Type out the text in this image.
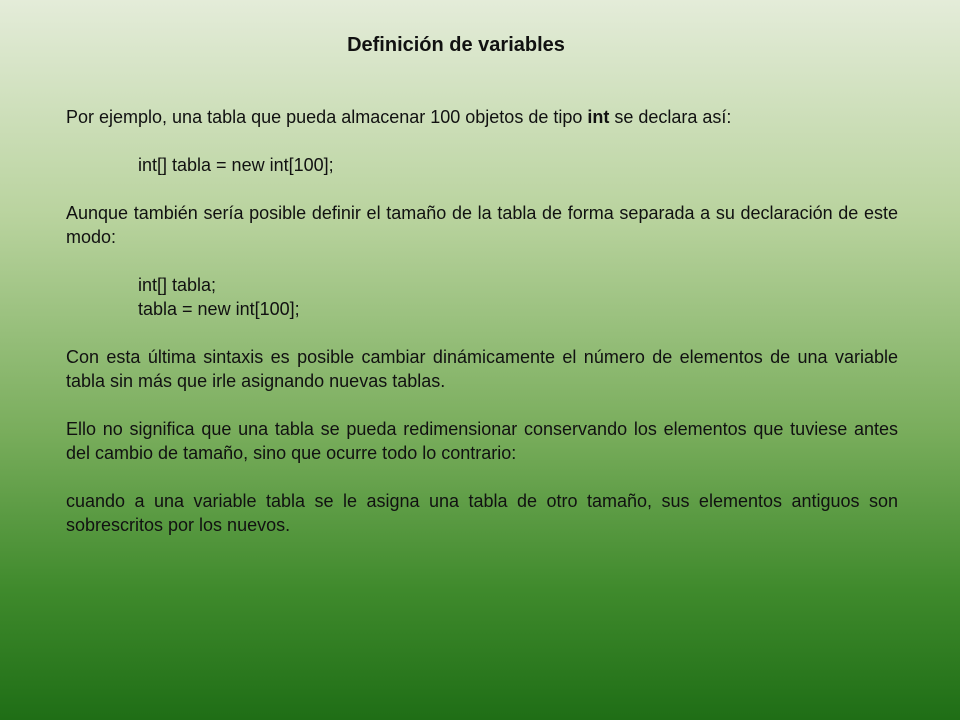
Definición de variables

Por ejemplo, una tabla que pueda almacenar 100 objetos de tipo int se declara así:

int[] tabla = new int[100];

Aunque también sería posible definir el tamaño de la tabla de forma separada a su declaración de este modo:

int[] tabla;

tabla = new int[100];

Con esta última sintaxis es posible cambiar dinámicamente el número de elementos de una variable tabla sin más que irle asignando nuevas tablas.

Ello no significa que una tabla se pueda redimensionar conservando los elementos que tuviese antes del cambio de tamaño, sino que ocurre todo lo contrario:

cuando a una variable tabla se le asigna una tabla de otro tamaño, sus elementos antiguos son sobrescritos por los nuevos.
